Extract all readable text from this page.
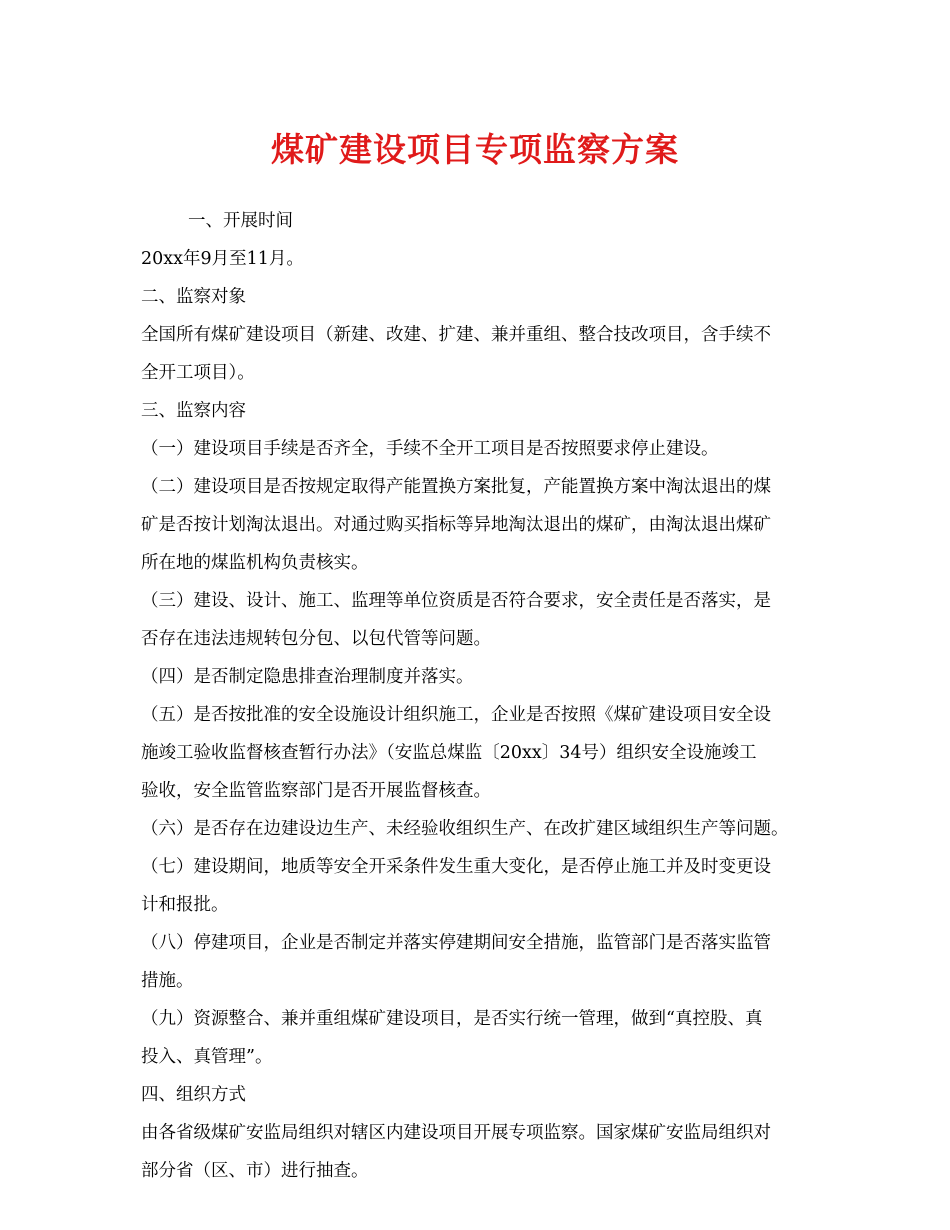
煤矿建设项目专项监察方案

一、开展时间

20xx年9月至11月。

二、监察对象

全国所有煤矿建设项目（新建、改建、扩建、兼并重组、整合技改项目，含手续不

全开工项目）。

三、监察内容

（一）建设项目手续是否齐全，手续不全开工项目是否按照要求停止建设。

（二）建设项目是否按规定取得产能置换方案批复，产能置换方案中淘汰退出的煤

矿是否按计划淘汰退出。对通过购买指标等异地淘汰退出的煤矿，由淘汰退出煤矿

所在地的煤监机构负责核实。

（三）建设、设计、施工、监理等单位资质是否符合要求，安全责任是否落实，是

否存在违法违规转包分包、以包代管等问题。

（四）是否制定隐患排查治理制度并落实。

（五）是否按批准的安全设施设计组织施工，企业是否按照《煤矿建设项目安全设

施竣工验收监督核查暂行办法》（安监总煤监〔20xx〕34号）组织安全设施竣工

验收，安全监管监察部门是否开展监督核查。

（六）是否存在边建设边生产、未经验收组织生产、在改扩建区域组织生产等问题。

（七）建设期间，地质等安全开采条件发生重大变化，是否停止施工并及时变更设

计和报批。

（八）停建项目，企业是否制定并落实停建期间安全措施，监管部门是否落实监管

措施。

（九）资源整合、兼并重组煤矿建设项目，是否实行统一管理，做到“真控股、真

投入、真管理”。

四、组织方式

由各省级煤矿安监局组织对辖区内建设项目开展专项监察。国家煤矿安监局组织对

部分省（区、市）进行抽查。
